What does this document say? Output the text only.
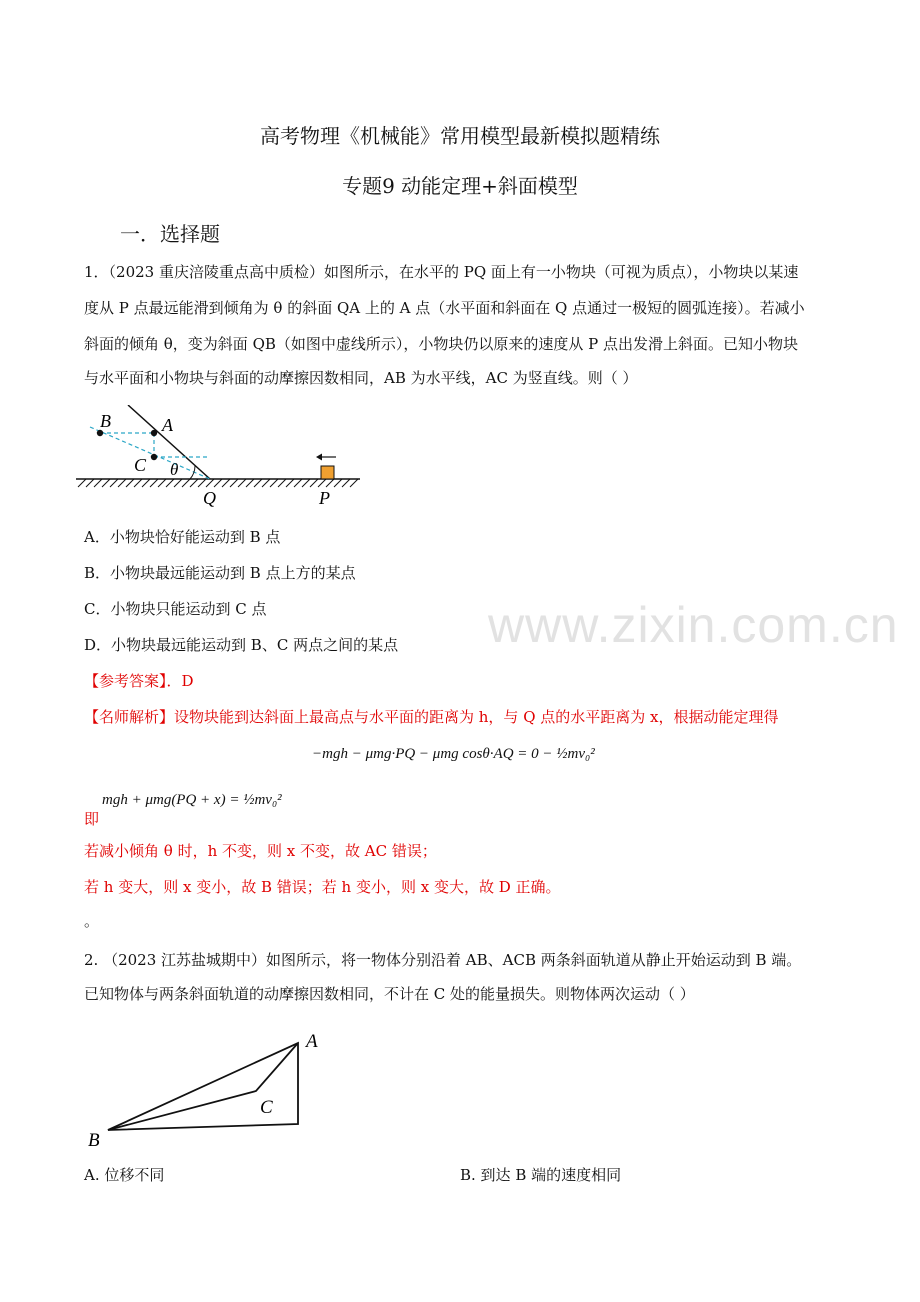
高考物理《机械能》常用模型最新模拟题精练
专题9 动能定理+斜面模型
一．选择题
1．（2023 重庆涪陵重点高中质检）如图所示，在水平的 PQ 面上有一小物块（可视为质点），小物块以某速
度从 P 点最远能滑到倾角为 θ 的斜面 QA 上的 A 点（水平面和斜面在 Q 点通过一极短的圆弧连接）。若减小
斜面的倾角 θ，变为斜面 QB（如图中虚线所示），小物块仍以原来的速度从 P 点出发滑上斜面。已知小物块
与水平面和小物块与斜面的动摩擦因数相同，AB 为水平线，AC 为竖直线。则（ ）
B	A
C θ
Q	P
A．小物块恰好能运动到 B 点
B．小物块最远能运动到 B 点上方的某点
C．小物块只能运动到 C 点
D．小物块最远能运动到 B、C 两点之间的某点 www.zixin.com.cn
【参考答案】．D
【名师解析】设物块能到达斜面上最高点与水平面的距离为 h，与 Q 点的水平距离为 x，根据动能定理得
−mgh − μmg·PQ − μmg cosθ·AQ = 0 − ½mv₀²
mgh + μmg(PQ + x) = ½mv₀²
即
若减小倾角 θ 时，h 不变，则 x 不变，故 AC 错误；
若 h 变大，则 x 变小，故 B 错误；若 h 变小，则 x 变大，故 D 正确。
。
2. （2023 江苏盐城期中）如图所示，将一物体分别沿着 AB、ACB 两条斜面轨道从静止开始运动到 B 端。
已知物体与两条斜面轨道的动摩擦因数相同，不计在 C 处的能量损失。则物体两次运动（ ）
A
C
B
A. 位移不同	B. 到达 B 端的速度相同
